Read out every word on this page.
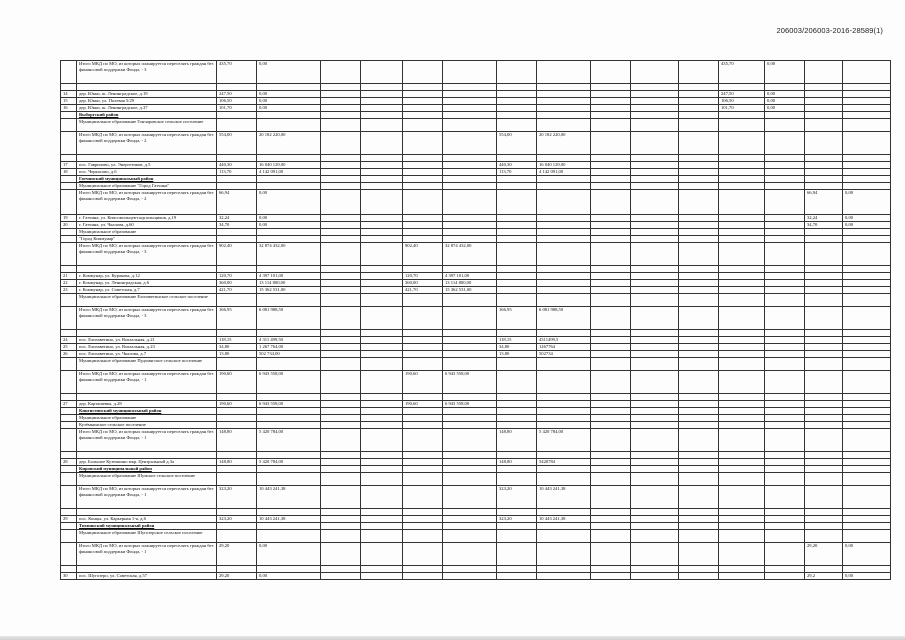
206003/206003-2016-28589(1)
	Итого МКД по МО, из которых планируется переселять граждан без финансовой поддержки Фонда, - 3	435,70	0,00										435,70	0,00		

14	дер. Юкки, ш. Ленинградское, д.19	247,50	0,00										247,50	0,00		
15	дер. Юкки, ул. Полевая 5/29	106,50	0,00										106,50	0,00		
16	дер. Юкки, ш. Ленинградское, д.37	101,70	0,00										101,70	0,00		
	Выборгский район															
	Муниципальное образование Гончаровское сельское поселение															
	Итого МКД по МО, из которых планируется переселять граждан без финансовой поддержки Фонда, - 2	554,00	20 182 220,00					554,00	20 182 220,00							

17	пос. Гаврилово, ул. Энергетиков, д.5	440,30	16 040 129,00					440,30	16 040 129,00							
18	пос. Черкасово, д.6	113,70	4 142 091,00					113,70	4 142 091,00							
	Гатчинский муниципальный район															
	Муниципальное образование "Город Гатчина"															
	Итого МКД по МО, из которых планируется переселять граждан без финансовой поддержки Фонда, - 2	66,94	0,00												66,94	0,00
19	г. Гатчина, ул. Комсомольцев-подпольщиков, д.19	32,24	0,00												32,24	0,00
20	г. Гатчина, ул. Чкалова, д.60	34,70	0,00												34,70	0,00
	Муниципальное образование															
	"Город Коммунар"															
	Итого МКД по МО, из которых планируется переселять граждан без финансовой поддержки Фонда, - 3	902,40	32 874 432,00			902,40	32 874 432,00									

21	г. Коммунар, ул. Куракова, д.12	120,70	4 397 101,00			120,70	4 397 101,00									
22	г. Коммунар, ул. Ленинградская, д.6	360,00	13 114 800,00			360,00	13 114 800,00									
23	г. Коммунар, ул. Советская, д.7	421,70	15 362 531,00			421,70	15 362 531,00									
	Муниципальное образование Елизаветинское сельское поселение															
	Итого МКД по МО, из которых планируется переселять граждан без финансовой поддержки Фонда, - 3	166,95	6 081 988,50					166,95	6 081 988,50							

24	пос. Елизаветино, ул. Вокзальная, д.21	118,15	4 311 499,50					118,15	4311499,5							
25	пос. Елизаветино, ул. Вокзальная, д.23	34,80	1 267 764,00					34,80	1267764							
26	пос. Елизаветино, ул. Чкалова, д.7	13,80	502 734,00					13,80	502734							
	Муниципальное образование Пудомягское сельское поселение															
	Итого МКД по МО, из которых планируется переселять граждан без финансовой поддержки Фонда, - 1	190,60	6 943 558,00			190,60	6 943 558,00									

27	дер. Карташевка, д.28	190,60	6 943 558,00			190,60	6 943 558,00									
	Кингисеппский муниципальный район															
	Муниципальное образование															
	Кузёмкинское сельское поселение															
	Итого МКД по МО, из которых планируется переселять граждан без финансовой поддержки Фонда, - 1	148,80	5 420 784,00					148,80	5 420 784,00							

28	дер. Большое Куземкино мкр. Центральный д.3а	148,80	5 420 784,00					148,80	5420784							
	Кировский муниципальный район															
	Муниципальное образование Шумское сельское поселение															
	Итого МКД по МО, из которых планируется переселять граждан без финансовой поддержки Фонда, - 1	323,20	10 443 241,38					323,20	10 443 241,38							

29	пос. Концы, ул. Карьерная 1-я, д.6	323,20	10 443 241,38					323,20	10 443 241,38							
	Тихвинский муниципальный район															
	Муниципальное образование Шугозерское сельское поселение															
	Итого МКД по МО, из которых планируется переселять граждан без финансовой поддержки Фонда, - 1	29,20	0,00												29,20	0,00

30	пос. Шугозеро, ул. Советская, д.57	29,20	0,00												29,2	0,00
